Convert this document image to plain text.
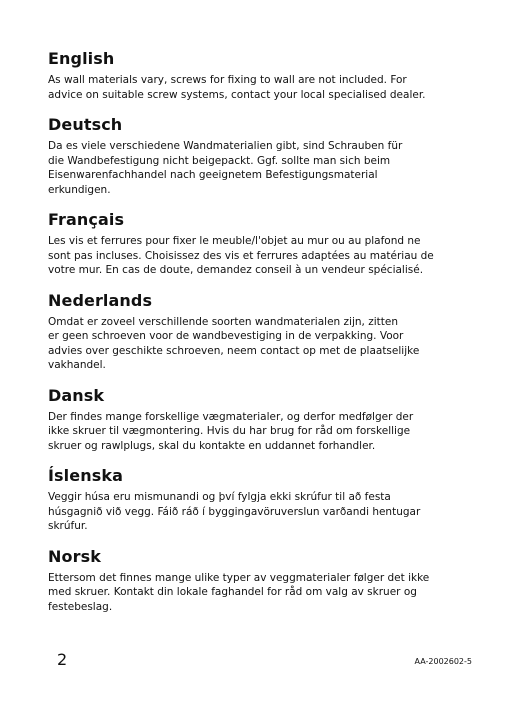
English

As wall materials vary, screws for fixing to wall are not included. For
advice on suitable screw systems, contact your local specialised dealer.

Deutsch

Da es viele verschiedene Wandmaterialien gibt, sind Schrauben für
die Wandbefestigung nicht beigepackt. Ggf. sollte man sich beim
Eisenwarenfachhandel nach geeignetem Befestigungsmaterial
erkundigen.

Français

Les vis et ferrures pour fixer le meuble/l'objet au mur ou au plafond ne
sont pas incluses. Choisissez des vis et ferrures adaptées au matériau de
votre mur. En cas de doute, demandez conseil à un vendeur spécialisé.

Nederlands

Omdat er zoveel verschillende soorten wandmaterialen zijn, zitten
er geen schroeven voor de wandbevestiging in de verpakking. Voor
advies over geschikte schroeven, neem contact op met de plaatselijke
vakhandel.

Dansk

Der findes mange forskellige vægmaterialer, og derfor medfølger der
ikke skruer til vægmontering. Hvis du har brug for råd om forskellige
skruer og rawlplugs, skal du kontakte en uddannet forhandler.

Íslenska

Veggir húsa eru mismunandi og því fylgja ekki skrúfur til að festa
húsgagnið við vegg. Fáið ráð í byggingavöruverslun varðandi hentugar
skrúfur.

Norsk

Ettersom det finnes mange ulike typer av veggmaterialer følger det ikke
med skruer. Kontakt din lokale faghandel for råd om valg av skruer og
festebeslag.

2	AA-2002602-5
